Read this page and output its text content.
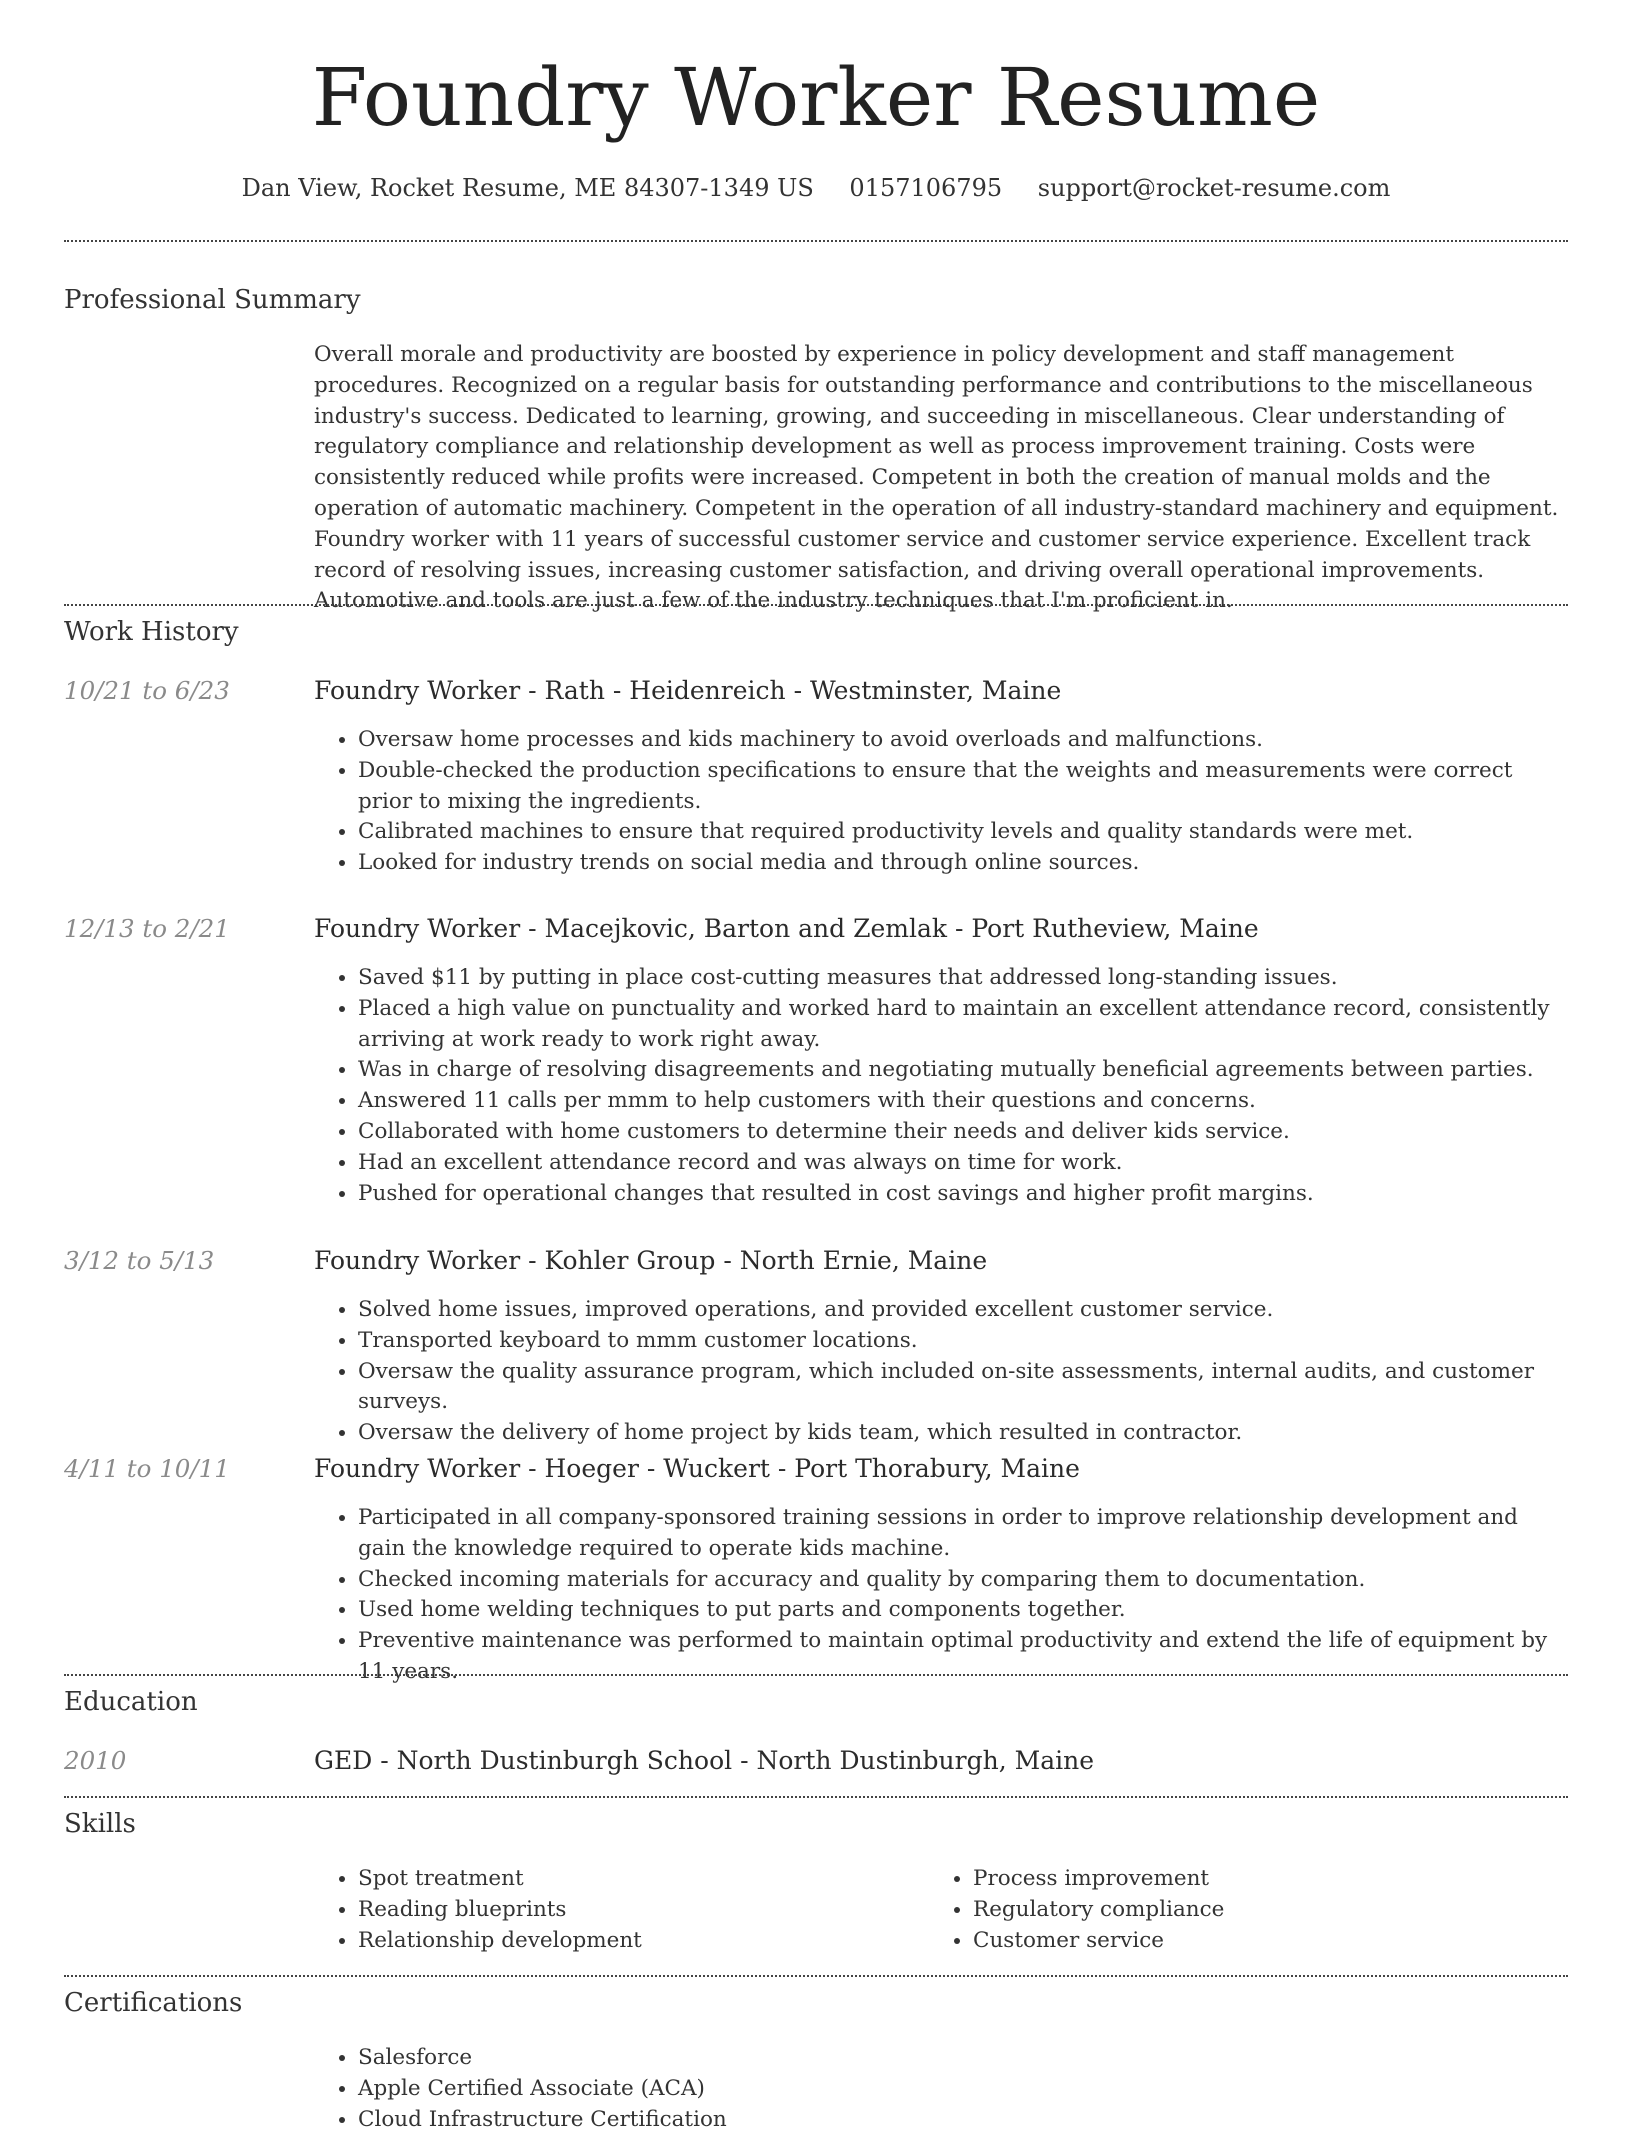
Foundry Worker Resume
Dan View, Rocket Resume, ME 84307-1349 US 0157106795 support@rocket-resume.com
Professional Summary
Overall morale and productivity are boosted by experience in policy development and staff management procedures. Recognized on a regular basis for outstanding performance and contributions to the miscellaneous industry's success. Dedicated to learning, growing, and succeeding in miscellaneous. Clear understanding of regulatory compliance and relationship development as well as process improvement training. Costs were consistently reduced while profits were increased. Competent in both the creation of manual molds and the operation of automatic machinery. Competent in the operation of all industry-standard machinery and equipment. Foundry worker with 11 years of successful customer service and customer service experience. Excellent track record of resolving issues, increasing customer satisfaction, and driving overall operational improvements. Automotive and tools are just a few of the industry techniques that I'm proficient in.
Work History
10/21 to 6/23	Foundry Worker - Rath - Heidenreich - Westminster, Maine
• Oversaw home processes and kids machinery to avoid overloads and malfunctions.
• Double-checked the production specifications to ensure that the weights and measurements were correct prior to mixing the ingredients.
• Calibrated machines to ensure that required productivity levels and quality standards were met.
• Looked for industry trends on social media and through online sources.
12/13 to 2/21	Foundry Worker - Macejkovic, Barton and Zemlak - Port Rutheview, Maine
• Saved $11 by putting in place cost-cutting measures that addressed long-standing issues.
• Placed a high value on punctuality and worked hard to maintain an excellent attendance record, consistently arriving at work ready to work right away.
• Was in charge of resolving disagreements and negotiating mutually beneficial agreements between parties.
• Answered 11 calls per mmm to help customers with their questions and concerns.
• Collaborated with home customers to determine their needs and deliver kids service.
• Had an excellent attendance record and was always on time for work.
• Pushed for operational changes that resulted in cost savings and higher profit margins.
3/12 to 5/13	Foundry Worker - Kohler Group - North Ernie, Maine
• Solved home issues, improved operations, and provided excellent customer service.
• Transported keyboard to mmm customer locations.
• Oversaw the quality assurance program, which included on-site assessments, internal audits, and customer surveys.
• Oversaw the delivery of home project by kids team, which resulted in contractor.
4/11 to 10/11	Foundry Worker - Hoeger - Wuckert - Port Thorabury, Maine
• Participated in all company-sponsored training sessions in order to improve relationship development and gain the knowledge required to operate kids machine.
• Checked incoming materials for accuracy and quality by comparing them to documentation.
• Used home welding techniques to put parts and components together.
• Preventive maintenance was performed to maintain optimal productivity and extend the life of equipment by 11 years.
Education
2010	GED - North Dustinburgh School - North Dustinburgh, Maine
Skills
• Spot treatment
• Reading blueprints
• Relationship development
• Process improvement
• Regulatory compliance
• Customer service
Certifications
• Salesforce
• Apple Certified Associate (ACA)
• Cloud Infrastructure Certification
